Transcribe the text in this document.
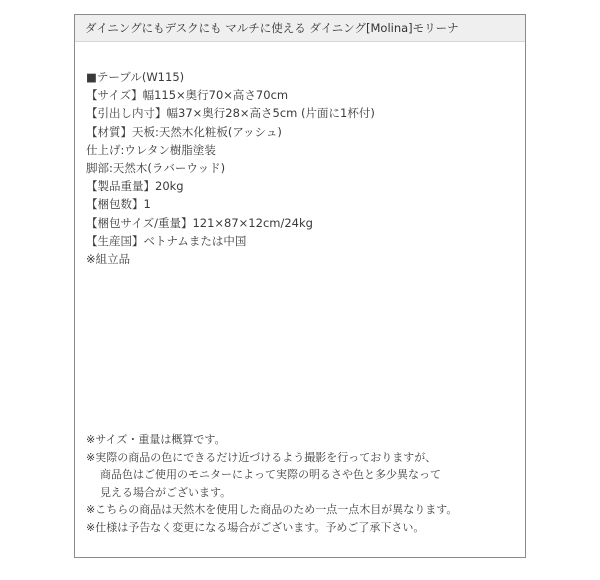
ダイニングにもデスクにも マルチに使える ダイニング[Molina]モリーナ
■テーブル(W115)
【サイズ】幅115×奥行70×高さ70cm
【引出し内寸】幅37×奥行28×高さ5cm (片面に1杯付)
【材質】天板:天然木化粧板(アッシュ)
仕上げ:ウレタン樹脂塗装
脚部:天然木(ラバーウッド)
【製品重量】20kg
【梱包数】1
【梱包サイズ/重量】121×87×12cm/24kg
【生産国】ベトナムまたは中国
※組立品
※サイズ・重量は概算です。
※実際の商品の色にできるだけ近づけるよう撮影を行っておりますが、
商品色はご使用のモニターによって実際の明るさや色と多少異なって
見える場合がございます。
※こちらの商品は天然木を使用した商品のため一点一点木目が異なります。
※仕様は予告なく変更になる場合がございます。予めご了承下さい。
